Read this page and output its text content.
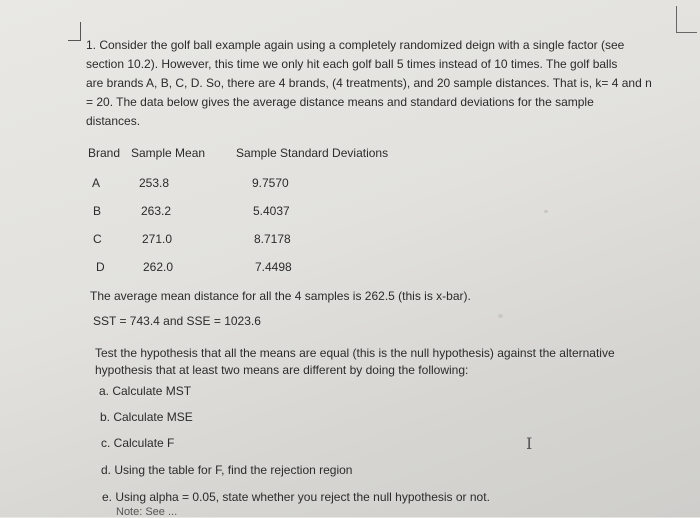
1. Consider the golf ball example again using a completely randomized deign with a single factor (see
section 10.2). However, this time we only hit each golf ball 5 times instead of 10 times. The golf balls
are brands A, B, C, D. So, there are 4 brands, (4 treatments), and 20 sample distances. That is, k= 4 and n
= 20. The data below gives the average distance means and standard deviations for the sample
distances.
Brand Sample Mean	Sample Standard Deviations
A	253.8	9.7570
B	263.2	5.4037
C	271.0	8.7178
D	262.0	7.4498
The average mean distance for all the 4 samples is 262.5 (this is x-bar).
SST = 743.4 and SSE = 1023.6
Test the hypothesis that all the means are equal (this is the null hypothesis) against the alternative
hypothesis that at least two means are different by doing the following:
a. Calculate MST
b. Calculate MSE
c. Calculate F
d. Using the table for F, find the rejection region
e. Using alpha = 0.05, state whether you reject the null hypothesis or not.
Note: See ...
I
